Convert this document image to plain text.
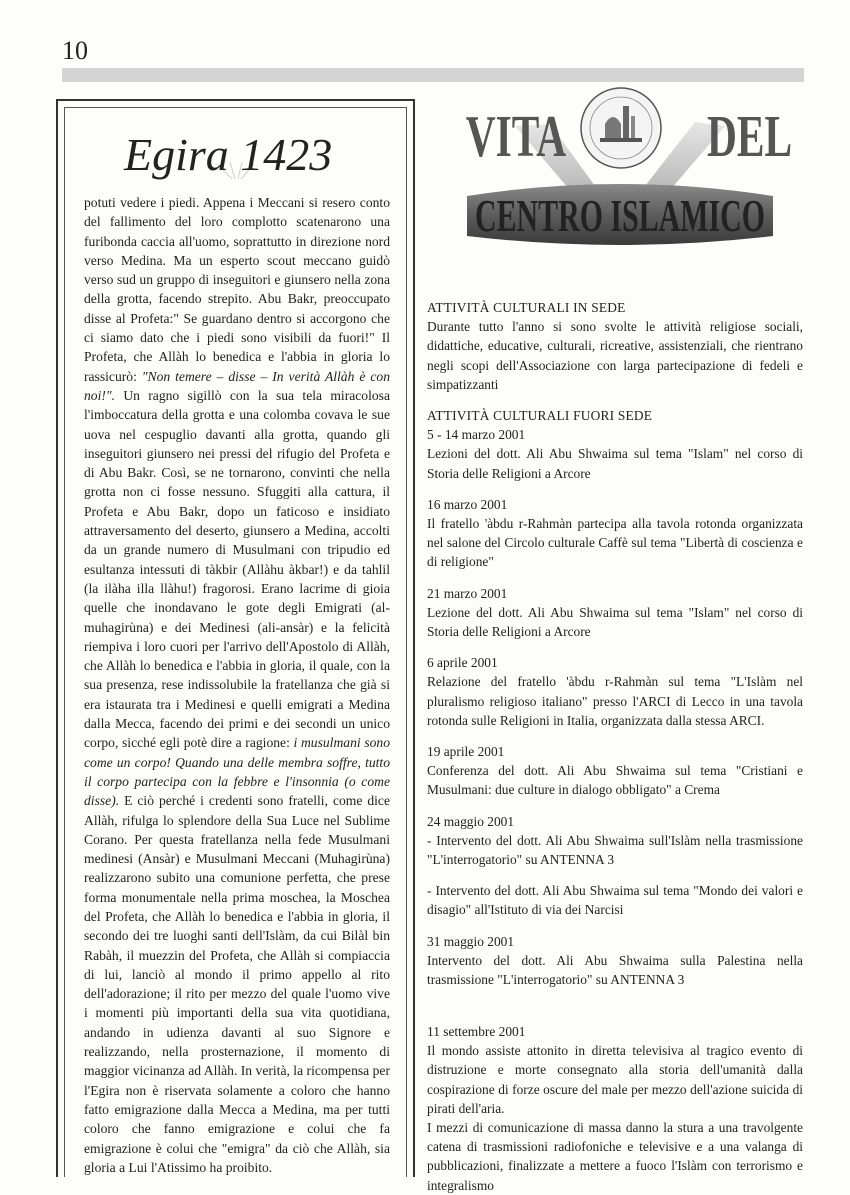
10
Egira 1423

potuti vedere i piedi. Appena i Meccani si resero conto del fallimento del loro complotto scatenarono una furibonda caccia all'uomo, soprattutto in direzione nord verso Medina. Ma un esperto scout meccano guidò verso sud un gruppo di inseguitori e giunsero nella zona della grotta, facendo strepito. Abu Bakr, preoccupato disse al Profeta:" Se guardano dentro si accorgono che ci siamo dato che i piedi sono visibili da fuori!" Il Profeta, che Allàh lo benedica e l'abbia in gloria lo rassicurò: "Non temere – disse – In verità Allàh è con noi!". Un ragno sigillò con la sua tela miracolosa l'imboccatura della grotta e una colomba covava le sue uova nel cespuglio davanti alla grotta, quando gli inseguitori giunsero nei pressi del rifugio del Profeta e di Abu Bakr. Così, se ne tornarono, convinti che nella grotta non ci fosse nessuno. Sfuggiti alla cattura, il Profeta e Abu Bakr, dopo un faticoso e insidiato attraversamento del deserto, giunsero a Medina, accolti da un grande numero di Musulmani con tripudio ed esultanza intessuti di tàkbir (Allàhu àkbar!) e da tahlil (la ilàha illa llàhu!) fragorosi. Erano lacrime di gioia quelle che inondavano le gote degli Emigrati (al-muhagirùna) e dei Medinesi (ali-ansàr) e la felicità riempiva i loro cuori per l'arrivo dell'Apostolo di Allàh, che Allàh lo benedica e l'abbia in gloria, il quale, con la sua presenza, rese indissolubile la fratellanza che già si era istaurata tra i Medinesi e quelli emigrati a Medina dalla Mecca, facendo dei primi e dei secondi un unico corpo, sicché egli potè dire a ragione: i musulmani sono come un corpo! Quando una delle membra soffre, tutto il corpo partecipa con la febbre e l'insonnia (o come disse). E ciò perché i credenti sono fratelli, come dice Allàh, rifulga lo splendore della Sua Luce nel Sublime Corano. Per questa fratellanza nella fede Musulmani medinesi (Ansàr) e Musulmani Meccani (Muhagirùna) realizzarono subito una comunione perfetta, che prese forma monumentale nella prima moschea, la Moschea del Profeta, che Allàh lo benedica e l'abbia in gloria, il secondo dei tre luoghi santi dell'Islàm, da cui Bilàl bin Rabàh, il muezzin del Profeta, che Allàh si compiaccia di lui, lanciò al mondo il primo appello al rito dell'adorazione; il rito per mezzo del quale l'uomo vive i momenti più importanti della sua vita quotidiana, andando in udienza davanti al suo Signore e realizzando, nella prosternazione, il momento di maggior vicinanza ad Allàh. In verità, la ricompensa per l'Egira non è riservata solamente a coloro che hanno fatto emigrazione dalla Mecca a Medina, ma per tutti coloro che fanno emigrazione e colui che fa emigrazione è colui che "emigra" da ciò che Allàh, sia gloria a Lui l'Atissimo ha proibito.

VITA	DEL
CENTRO ISLAMICO
ATTIVITÀ CULTURALI IN SEDE
Durante tutto l'anno si sono svolte le attività religiose sociali, didattiche, educative, culturali, ricreative, assistenziali, che rientrano negli scopi dell'Associazione con larga partecipazione di fedeli e simpatizzanti
ATTIVITÀ CULTURALI FUORI SEDE
5 - 14 marzo 2001
Lezioni del dott. Ali Abu Shwaima sul tema "Islam" nel corso di Storia delle Religioni a Arcore
16 marzo 2001
Il fratello 'àbdu r-Rahmàn partecipa alla tavola rotonda organizzata nel salone del Circolo culturale Caffè sul tema "Libertà di coscienza e di religione"
21 marzo 2001
Lezione del dott. Ali Abu Shwaima sul tema "Islam" nel corso di Storia delle Religioni a Arcore
6 aprile 2001
Relazione del fratello 'àbdu r-Rahmàn sul tema "L'Islàm nel pluralismo religioso italiano" presso l'ARCI di Lecco in una tavola rotonda sulle Religioni in Italia, organizzata dalla stessa ARCI.
19 aprile 2001
Conferenza del dott. Ali Abu Shwaima sul tema "Cristiani e Musulmani: due culture in dialogo obbligato" a Crema
24 maggio 2001
- Intervento del dott. Ali Abu Shwaima sull'Islàm nella trasmissione "L'interrogatorio" su ANTENNA 3
- Intervento del dott. Ali Abu Shwaima sul tema "Mondo dei valori e disagio" all'Istituto di via dei Narcisi
31 maggio 2001
Intervento del dott. Ali Abu Shwaima sulla Palestina nella trasmissione "L'interrogatorio" su ANTENNA 3
11 settembre 2001
Il mondo assiste attonito in diretta televisiva al tragico evento di distruzione e morte consegnato alla storia dell'umanità dalla cospirazione di forze oscure del male per mezzo dell'azione suicida di pirati dell'aria.
I mezzi di comunicazione di massa danno la stura a una travolgente catena di trasmissioni radiofoniche e televisive e a una valanga di pubblicazioni, finalizzate a mettere a fuoco l'Islàm con terrorismo e integralismo
